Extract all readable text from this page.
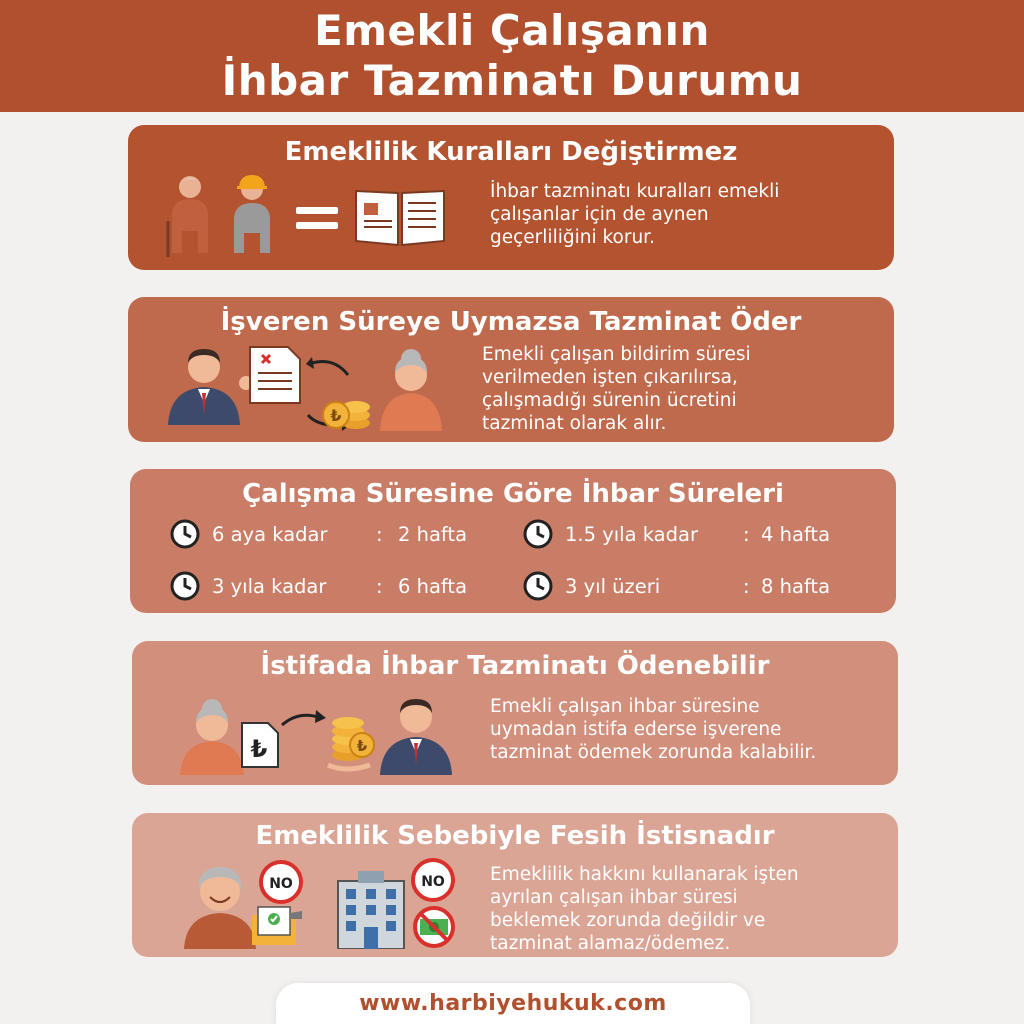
Emekli Çalışanın
İhbar Tazminatı Durumu
Emeklilik Kuralları Değiştirmez
İhbar tazminatı kuralları emekli
çalışanlar için de aynen
geçerliliğini korur.
İşveren Süreye Uymazsa Tazminat Öder
₺
Emekli çalışan bildirim süresi
verilmeden işten çıkarılırsa,
çalışmadığı sürenin ücretini
tazminat olarak alır.
Çalışma Süresine Göre İhbar Süreleri
6 aya kadar : 2 hafta	1.5 yıla kadar : 4 hafta
3 yıla kadar	: 6 hafta	3 yıl üzeri	: 8 hafta
İstifada İhbar Tazminatı Ödenebilir
₺	₺
Emekli çalışan ihbar süresine
uymadan istifa ederse işverene
tazminat ödemek zorunda kalabilir.
Emeklilik Sebebiyle Fesih İstisnadır
NO	NO Emeklilik hakkını kullanarak işten
ayrılan çalışan ihbar süresi
beklemek zorunda değildir ve
tazminat alamaz/ödemez.
www.harbiyehukuk.com
